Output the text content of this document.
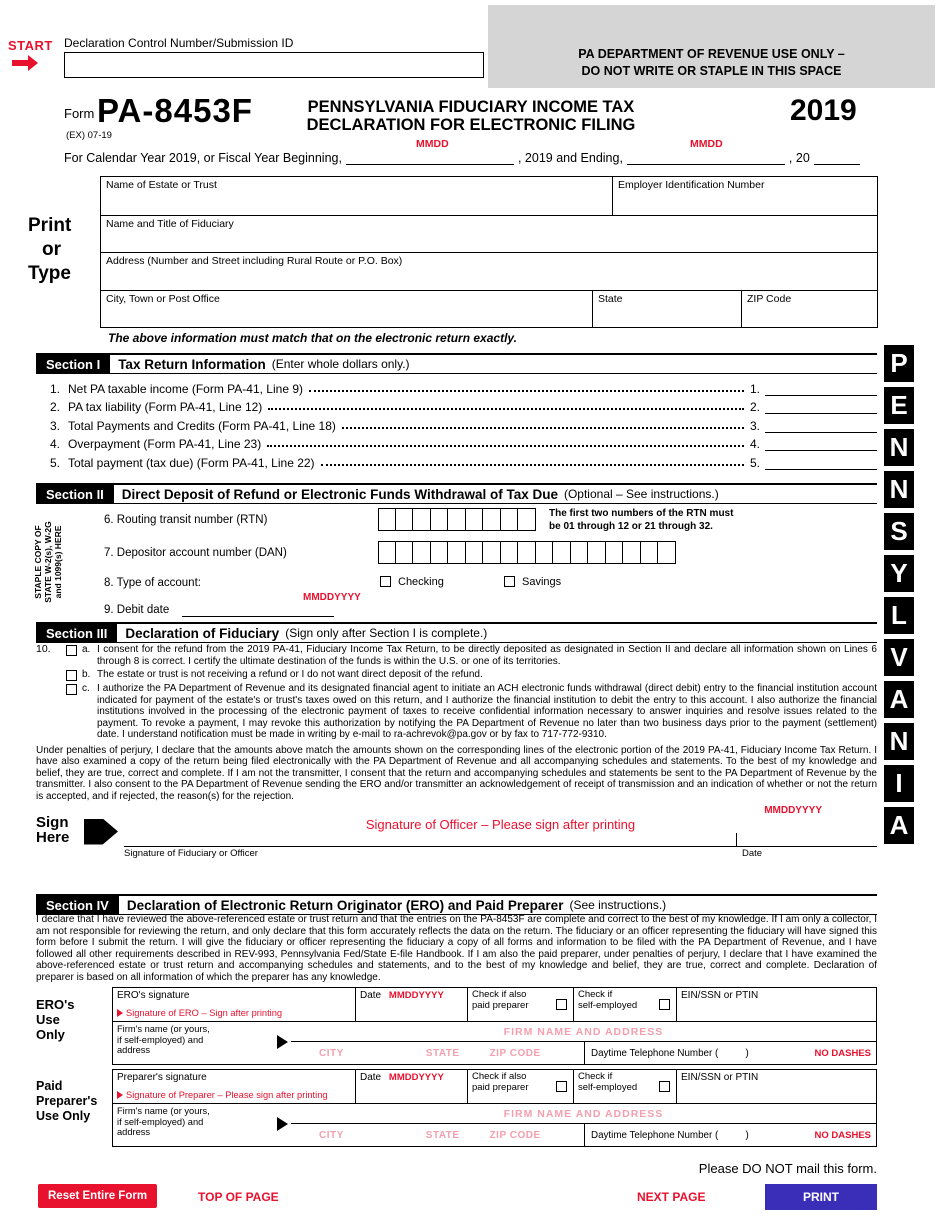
START Declaration Control Number/Submission ID
PA DEPARTMENT OF REVENUE USE ONLY –
DO NOT WRITE OR STAPLE IN THIS SPACE
Form PA-8453F
(EX) 07-19
PENNSYLVANIA FIDUCIARY INCOME TAX
DECLARATION FOR ELECTRONIC FILING	2019
MMDD	MMDD
For Calendar Year 2019, or Fiscal Year Beginning,	, 2019 and Ending,	, 20
Print
or
Type
Name of Estate or Trust	Employer Identification Number
Name and Title of Fiduciary
Address (Number and Street including Rural Route or P.O. Box)
City, Town or Post Office	State	ZIP Code
The above information must match that on the electronic return exactly.
Section I	Tax Return Information (Enter whole dollars only.)
1. Net PA taxable income (Form PA-41, Line 9)	1.
2. PA tax liability (Form PA-41, Line 12)	2.
3. Total Payments and Credits (Form PA-41, Line 18)	3.
4. Overpayment (Form PA-41, Line 23)	4.
5. Total payment (tax due) (Form PA-41, Line 22)	5.
Section II	Direct Deposit of Refund or Electronic Funds Withdrawal of Tax Due (Optional – See instructions.)
STAPLE COPY OF STATE W-2(s), W-2G and 1099(s) HERE
6. Routing transit number (RTN)
The first two numbers of the RTN must
be 01 through 12 or 21 through 32.
7. Depositor account number (DAN)
8. Type of account:	Checking	Savings
MMDDYYYY
9. Debit date
P
E
N
N
S
Y
L
V
A
N
I
A
Section III	Declaration of Fiduciary (Sign only after Section I is complete.)
10.	a. I consent for the refund from the 2019 PA-41, Fiduciary Income Tax Return, to be directly deposited as designated in Section II and declare all information shown on Lines 6 through 8 is correct. I certify the ultimate destination of the funds is within the U.S. or one of its territories.
b. The estate or trust is not receiving a refund or I do not want direct deposit of the refund.
c. I authorize the PA Department of Revenue and its designated financial agent to initiate an ACH electronic funds withdrawal (direct debit) entry to the financial institution account indicated for payment of the estate's or trust's taxes owed on this return, and I authorize the financial institution to debit the entry to this account. I also authorize the financial institutions involved in the processing of the electronic payment of taxes to receive confidential information necessary to answer inquiries and resolve issues related to the payment. To revoke a payment, I may revoke this authorization by notifying the PA Department of Revenue no later than two business days prior to the payment (settlement) date. I understand notification must be made in writing by e-mail to ra-achrevok@pa.gov or by fax to 717-772-9310.
Under penalties of perjury, I declare that the amounts above match the amounts shown on the corresponding lines of the electronic portion of the 2019 PA-41, Fiduciary Income Tax Return. I have also examined a copy of the return being filed electronically with the PA Department of Revenue and all accompanying schedules and statements. To the best of my knowledge and belief, they are true, correct and complete. If I am not the transmitter, I consent that the return and accompanying schedules and statements be sent to the PA Department of Revenue by the transmitter. I also consent to the PA Department of Revenue sending the ERO and/or transmitter an acknowledgement of receipt of transmission and an indication of whether or not the return is accepted, and if rejected, the reason(s) for the rejection.
MMDDYYYY
Sign
Here
Signature of Officer – Please sign after printing
Signature of Fiduciary or Officer	Date
Section IV	Declaration of Electronic Return Originator (ERO) and Paid Preparer (See instructions.)
I declare that I have reviewed the above-referenced estate or trust return and that the entries on the PA-8453F are complete and correct to the best of my knowledge. If I am only a collector, I am not responsible for reviewing the return, and only declare that this form accurately reflects the data on the return. The fiduciary or an officer representing the fiduciary will have signed this form before I submit the return. I will give the fiduciary or officer representing the fiduciary a copy of all forms and information to be filed with the PA Department of Revenue, and I have followed all other requirements described in REV-993, Pennsylvania Fed/State E-file Handbook. If I am also the paid preparer, under penalties of perjury, I declare that I have examined the above-referenced estate or trust return and accompanying schedules and statements, and to the best of my knowledge and belief, they are true, correct and complete. Declaration of preparer is based on all information of which the preparer has any knowledge.
ERO's
Use
Only
ERO's signature
Signature of ERO – Sign after printing
Date MMDDYYYY	Check if also
paid preparer
Check if
self-employed
EIN/SSN or PTIN
Firm's name (or yours,
if self-employed) and
address
FIRM NAME AND ADDRESS
CITY	STATE	ZIP CODE	Daytime Telephone Number (          )	NO DASHES
Paid
Preparer's
Use Only
Preparer's signature
Signature of Preparer – Please sign after printing
Date MMDDYYYY	Check if also
paid preparer
Check if
self-employed
EIN/SSN or PTIN
Firm's name (or yours,
if self-employed) and
address
FIRM NAME AND ADDRESS
CITY	STATE	ZIP CODE	Daytime Telephone Number (          )	NO DASHES
Please DO NOT mail this form.
Reset Entire Form	TOP OF PAGE	NEXT PAGE	PRINT
